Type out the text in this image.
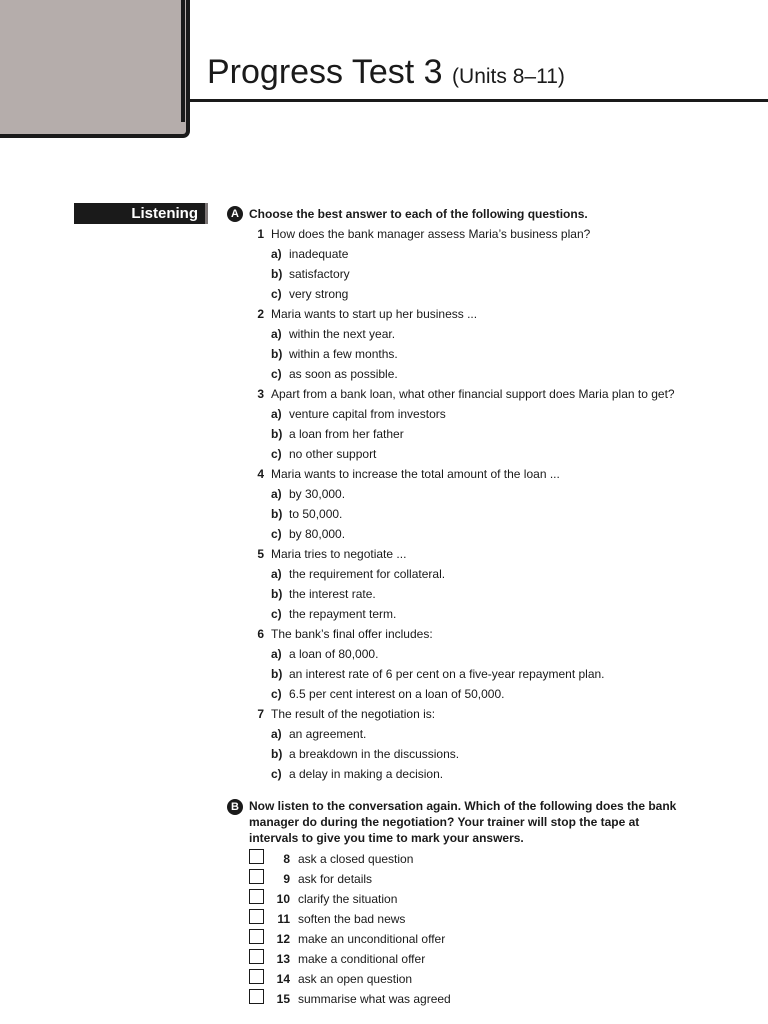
Progress Test 3 (Units 8–11)
Listening	A Choose the best answer to each of the following questions.
1 How does the bank manager assess Maria’s business plan?
a) inadequate
b) satisfactory
c) very strong
2 Maria wants to start up her business ...
a) within the next year.
b) within a few months.
c) as soon as possible.
3 Apart from a bank loan, what other financial support does Maria plan to get?
a) venture capital from investors
b) a loan from her father
c) no other support
4 Maria wants to increase the total amount of the loan ...
a) by 30,000.
b) to 50,000.
c) by 80,000.
5 Maria tries to negotiate ...
a) the requirement for collateral.
b) the interest rate.
c) the repayment term.
6 The bank’s final offer includes:
a) a loan of 80,000.
b) an interest rate of 6 per cent on a five-year repayment plan.
c) 6.5 per cent interest on a loan of 50,000.
7 The result of the negotiation is:
a) an agreement.
b) a breakdown in the discussions.
c) a delay in making a decision.
B Now listen to the conversation again. Which of the following does the bank
manager do during the negotiation? Your trainer will stop the tape at
intervals to give you time to mark your answers.
8 ask a closed question
9 ask for details
10 clarify the situation
11 soften the bad news
12 make an unconditional offer
13 make a conditional offer
14 ask an open question
15 summarise what was agreed
